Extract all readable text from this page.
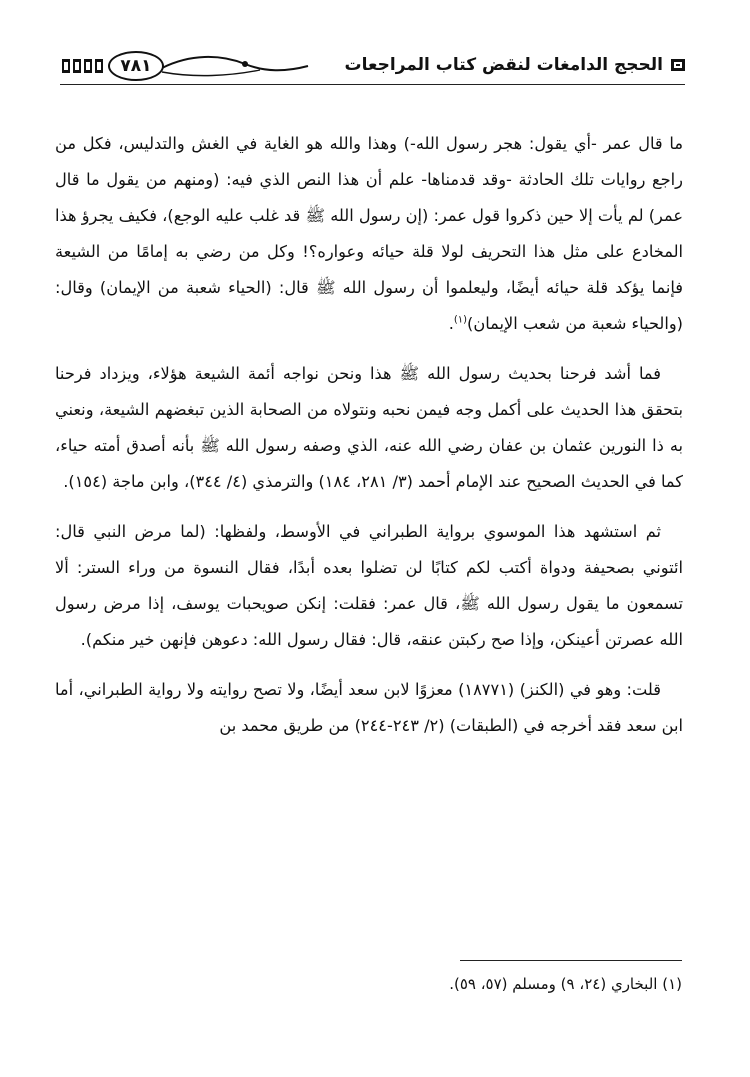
الحجج الدامغات لنقض كتاب المراجعات
٧٨١

ما قال عمر -أي يقول: هجر رسول الله-) وهذا والله هو الغاية في الغش والتدليس، فكل من راجع روايات تلك الحادثة -وقد قدمناها- علم أن هذا النص الذي فيه: (ومنهم من يقول ما قال عمر) لم يأت إلا حين ذكروا قول عمر: (إن رسول الله ﷺ قد غلب عليه الوجع)، فكيف يجرؤ هذا المخادع على مثل هذا التحريف لولا قلة حيائه وعواره؟! وكل من رضي به إمامًا من الشيعة فإنما يؤكد قلة حيائه أيضًا، وليعلموا أن رسول الله ﷺ قال: (الحياء شعبة من الإيمان) وقال: (والحياء شعبة من شعب الإيمان)$^{(١)}$.

فما أشد فرحنا بحديث رسول الله ﷺ هذا ونحن نواجه أئمة الشيعة هؤلاء، ويزداد فرحنا بتحقق هذا الحديث على أكمل وجه فيمن نحبه ونتولاه من الصحابة الذين تبغضهم الشيعة، ونعني به ذا النورين عثمان بن عفان رضي الله عنه، الذي وصفه رسول الله ﷺ بأنه أصدق أمته حياء، كما في الحديث الصحيح عند الإمام أحمد (٣/ ٢٨١، ١٨٤) والترمذي (٤/ ٣٤٤)، وابن ماجة (١٥٤).

ثم استشهد هذا الموسوي برواية الطبراني في الأوسط، ولفظها: (لما مرض النبي قال: ائتوني بصحيفة ودواة أكتب لكم كتابًا لن تضلوا بعده أبدًا، فقال النسوة من وراء الستر: ألا تسمعون ما يقول رسول الله ﷺ، قال عمر: فقلت: إنكن صويحبات يوسف، إذا مرض رسول الله عصرتن أعينكن، وإذا صح ركبتن عنقه، قال: فقال رسول الله: دعوهن فإنهن خير منكم).

قلت: وهو في (الكنز) (١٨٧٧١) معزوًا لابن سعد أيضًا، ولا تصح روايته ولا رواية الطبراني، أما ابن سعد فقد أخرجه في (الطبقات) (٢/ ٢٤٣-٢٤٤) من طريق محمد بن

(١) البخاري (٢٤، ٩) ومسلم (٥٧، ٥٩).
